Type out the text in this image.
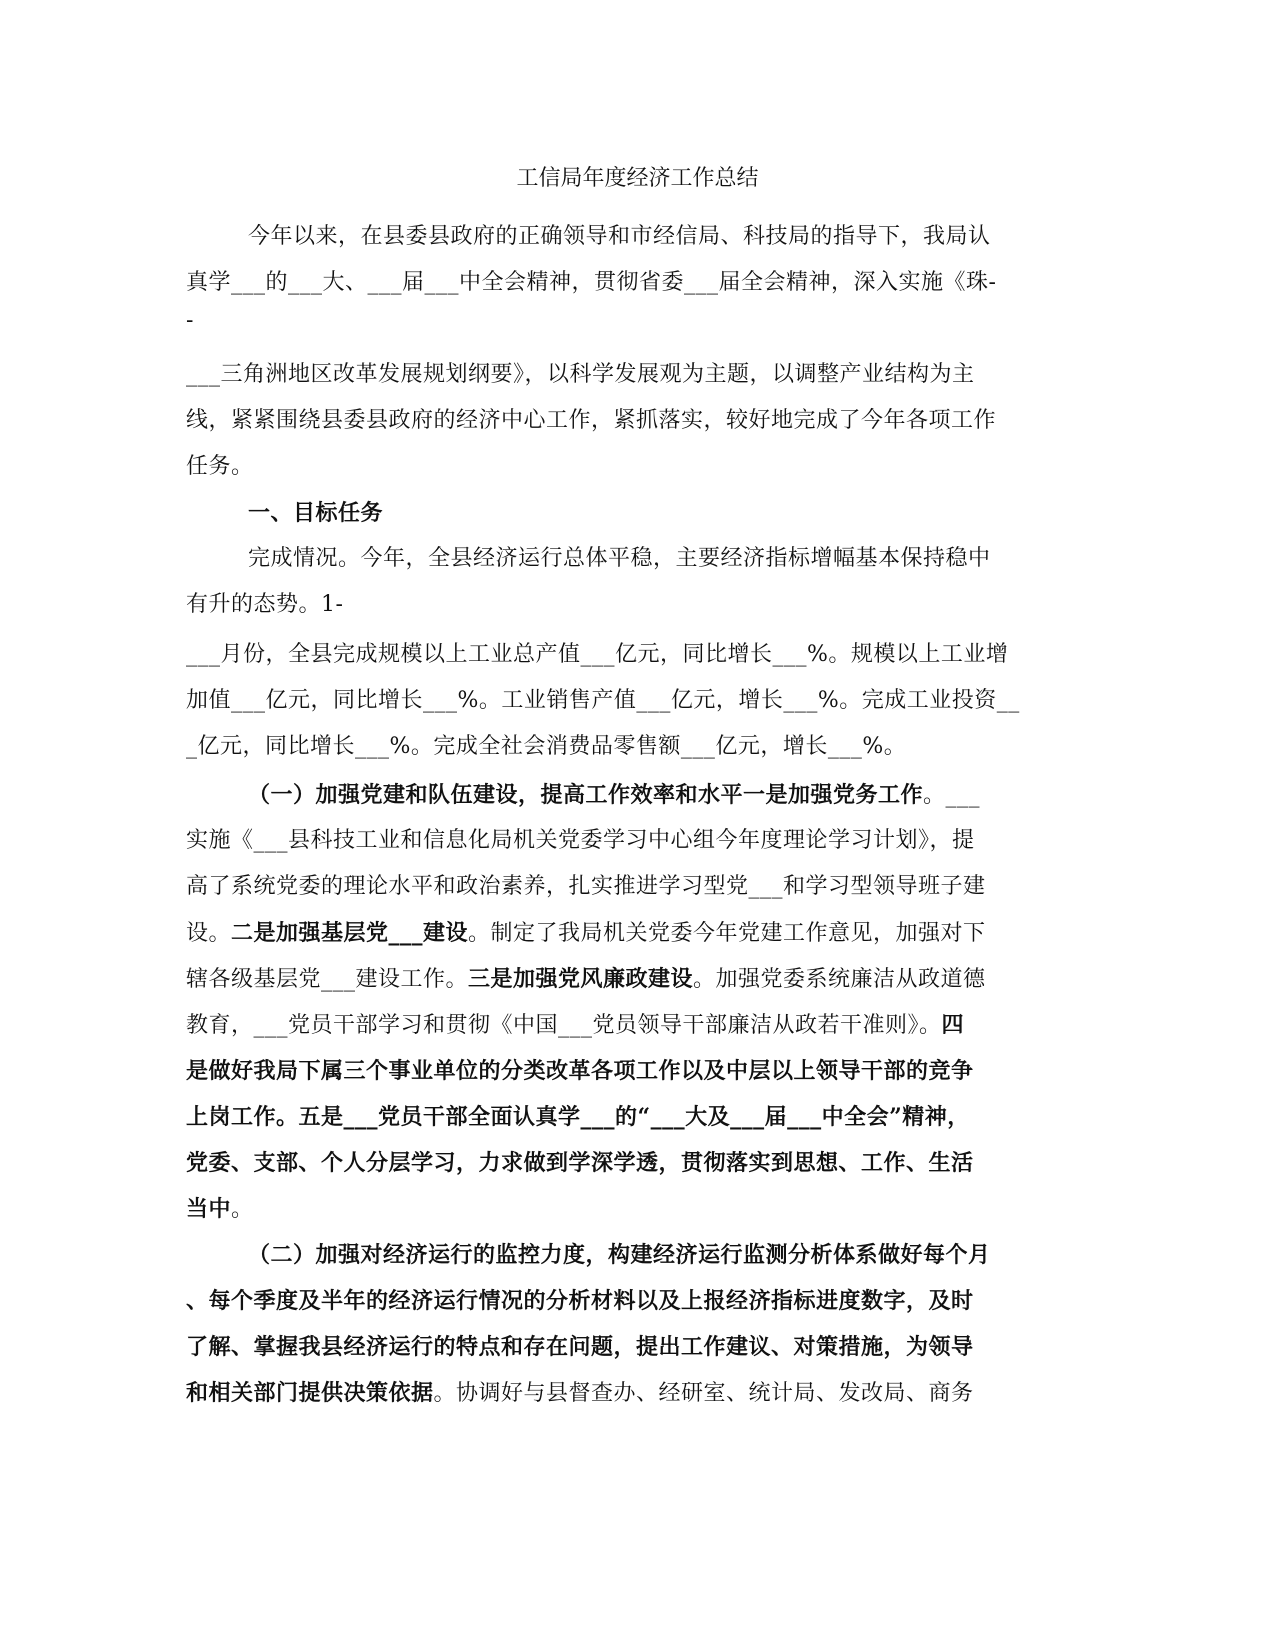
工信局年度经济工作总结
今年以来，在县委县政府的正确领导和市经信局、科技局的指导下，我局认
真学___的___大、___届___中全会精神，贯彻省委___届全会精神，深入实施《珠-
-
___三角洲地区改革发展规划纲要》，以科学发展观为主题，以调整产业结构为主
线，紧紧围绕县委县政府的经济中心工作，紧抓落实，较好地完成了今年各项工作
任务。
一、目标任务
完成情况。今年，全县经济运行总体平稳，主要经济指标增幅基本保持稳中
有升的态势。1-
___月份，全县完成规模以上工业总产值___亿元，同比增长___%。规模以上工业增
加值___亿元，同比增长___%。工业销售产值___亿元，增长___%。完成工业投资__
_亿元，同比增长___%。完成全社会消费品零售额___亿元，增长___%。
（一）加强党建和队伍建设，提高工作效率和水平一是加强党务工作。___
实施《___县科技工业和信息化局机关党委学习中心组今年度理论学习计划》，提
高了系统党委的理论水平和政治素养，扎实推进学习型党___和学习型领导班子建
设。二是加强基层党___建设。制定了我局机关党委今年党建工作意见，加强对下
辖各级基层党___建设工作。三是加强党风廉政建设。加强党委系统廉洁从政道德
教育，___党员干部学习和贯彻《中国___党员领导干部廉洁从政若干准则》。四
是做好我局下属三个事业单位的分类改革各项工作以及中层以上领导干部的竞争
上岗工作。五是___党员干部全面认真学___的“___大及___届___中全会”精神，
党委、支部、个人分层学习，力求做到学深学透，贯彻落实到思想、工作、生活
当中。
（二）加强对经济运行的监控力度，构建经济运行监测分析体系做好每个月
、每个季度及半年的经济运行情况的分析材料以及上报经济指标进度数字，及时
了解、掌握我县经济运行的特点和存在问题，提出工作建议、对策措施，为领导
和相关部门提供决策依据。协调好与县督查办、经研室、统计局、发改局、商务
